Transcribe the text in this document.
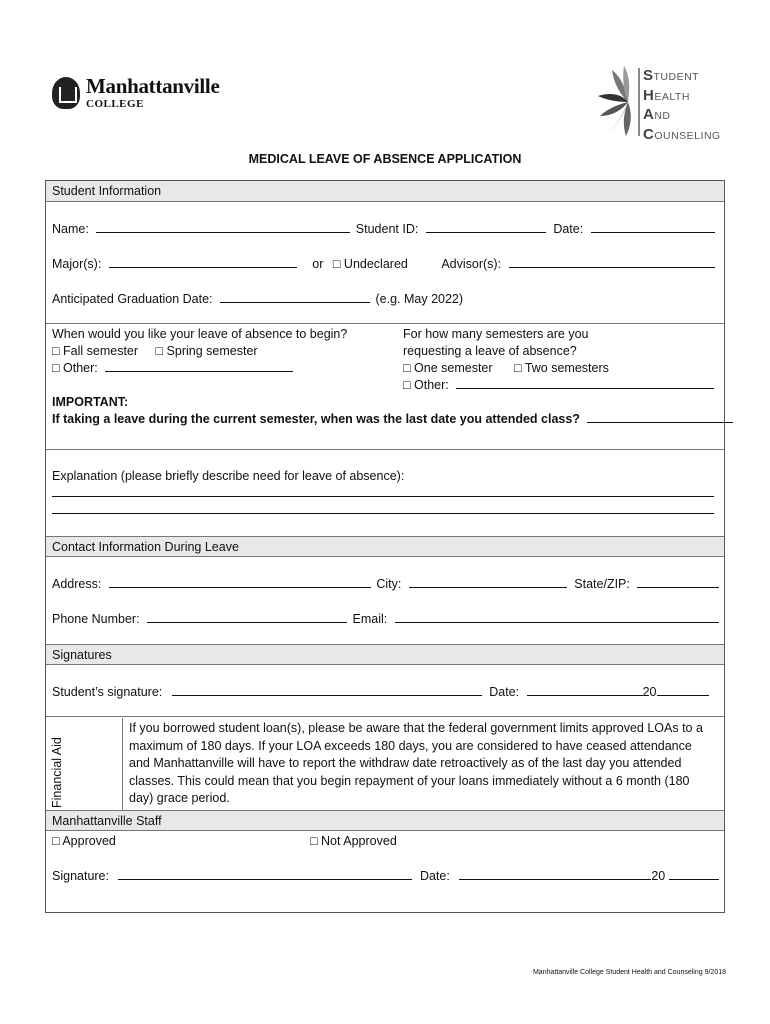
Manhattanville
COLLEGE
STUDENT
HEALTH
AND
COUNSELING
MEDICAL LEAVE OF ABSENCE APPLICATION
Student Information
Name:	Student ID:	Date:
Major(s):	or □ Undeclared	Advisor(s):
Anticipated Graduation Date:	(e.g. May 2022)
When would you like your leave of absence to begin?
□ Fall semester □ Spring semester
□ Other:
For how many semesters are you
requesting a leave of absence?
□ One semester □ Two semesters
□ Other:
IMPORTANT:
If taking a leave during the current semester, when was the last date you attended class?
Explanation (please briefly describe need for leave of absence):
Contact Information During Leave
Address:	City:	State/ZIP:
Phone Number:	Email:
Signatures
Student’s signature:	Date:	20
Financial Aid
If you borrowed student loan(s), please be aware that the federal government limits approved LOAs to a
maximum of 180 days. If your LOA exceeds 180 days, you are considered to have ceased attendance
and Manhattanville will have to report the withdraw date retroactively as of the last day you attended
classes. This could mean that you begin repayment of your loans immediately without a 6 month (180
day) grace period.
Manhattanville Staff
□ Approved	□ Not Approved
Signature:	Date:	20
Manhattanville College Student Health and Counseling 9/2018
